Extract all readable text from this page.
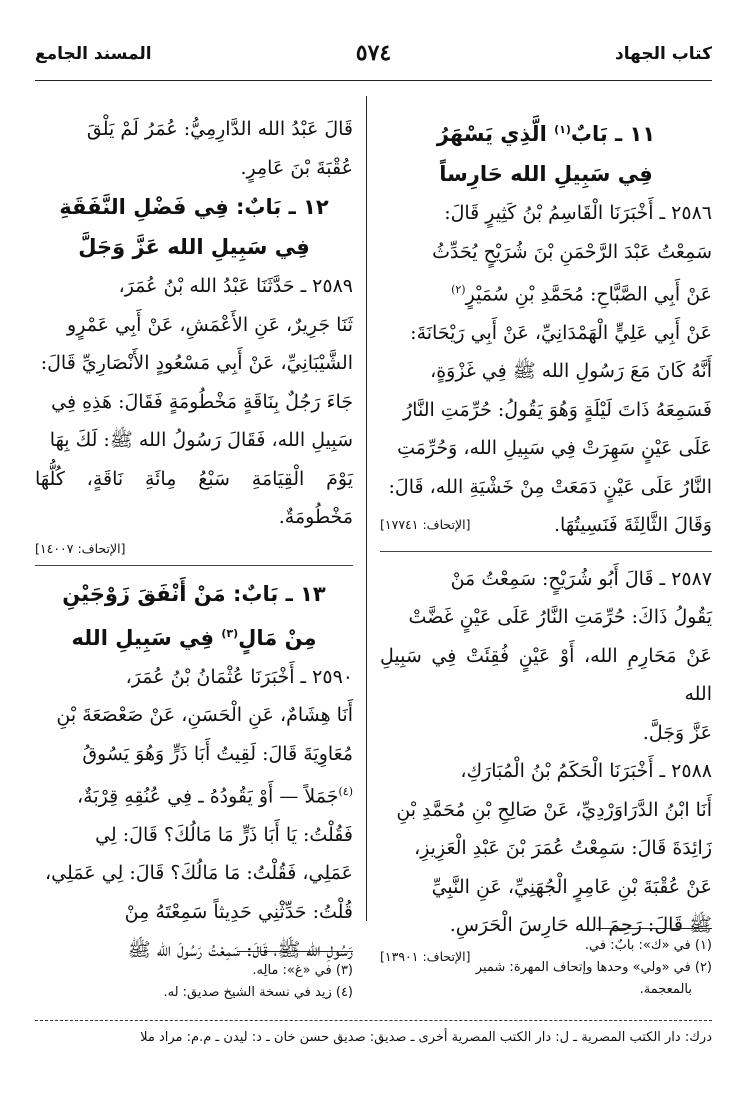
كتاب الجهاد
٥٧٤
المسند الجامع

١١ ـ بَابٌ$^{(١)}$ الَّذِي يَسْهَرُ

فِي سَبِيلِ الله حَارِساً

٢٥٨٦ ـ أَخْبَرَنَا الْقَاسِمُ بْنُ كَثِيرٍ قَالَ:

سَمِعْتُ عَبْدَ الرَّحْمَنِ بْنَ شُرَيْحٍ يُحَدِّثُ

عَنْ أَبِي الصَّبَّاحِ: مُحَمَّدِ بْنِ سُمَيْرٍ$^{(٢)}$

عَنْ أَبِي عَلِيٍّ الْهَمْدَانِيِّ، عَنْ أَبِي رَيْحَانَةَ:

أَنَّهُ كَانَ مَعَ رَسُولِ الله ﷺ فِي غَزْوَةٍ،

فَسَمِعَهُ ذَاتَ لَيْلَةٍ وَهُوَ يَقُولُ: حُرِّمَتِ النَّارُ

عَلَى عَيْنٍ سَهِرَتْ فِي سَبِيلِ الله، وَحُرِّمَتِ

النَّارُ عَلَى عَيْنٍ دَمَعَتْ مِنْ خَشْيَةِ الله، قَالَ:

وَقَالَ الثَّالِثَةَ فَنَسِيتُهَا.
[الإتحاف: ١٧٧٤١]

٢٥٨٧ ـ قَالَ أَبُو شُرَيْحٍ: سَمِعْتُ مَنْ

يَقُولُ ذَاكَ: حُرِّمَتِ النَّارُ عَلَى عَيْنٍ غَضَّتْ

عَنْ مَحَارِمِ الله، أَوْ عَيْنٍ فُقِئَتْ فِي سَبِيلِ الله

عَزَّ وَجَلَّ.

٢٥٨٨ ـ أَخْبَرَنَا الْحَكَمُ بْنُ الْمُبَارَكِ،

أَنَا ابْنُ الدَّرَاوَرْدِيِّ، عَنْ صَالِحِ بْنِ مُحَمَّدِ بْنِ

زَائِدَةَ قَالَ: سَمِعْتُ عُمَرَ بْنَ عَبْدِ الْعَزِيزِ،

عَنْ عُقْبَةَ بْنِ عَامِرٍ الْجُهَنِيِّ، عَنِ النَّبِيِّ

ﷺ قَالَ: رَحِمَ الله حَارِسَ الْحَرَسِ.

[الإتحاف: ١٣٩٠١]

قَالَ عَبْدُ الله الدَّارِمِيُّ: عُمَرُ لَمْ يَلْقَ

عُقْبَةَ بْنَ عَامِرٍ.

١٢ ـ بَابٌ: فِي فَضْلِ النَّفَقَةِ

فِي سَبِيلِ الله عَزَّ وَجَلَّ

٢٥٨٩ ـ حَدَّثَنَا عَبْدُ الله بْنُ عُمَرَ،

ثَنَا جَرِيرٌ، عَنِ الأَعْمَشِ، عَنْ أَبِي عَمْرٍو

الشَّيْبَانِيِّ، عَنْ أَبِي مَسْعُودٍ الأَنْصَارِيِّ قَالَ:

جَاءَ رَجُلٌ بِنَاقَةٍ مَخْطُومَةٍ فَقَالَ: هَذِهِ فِي

سَبِيلِ الله، فَقَالَ رَسُولُ الله ﷺ: لَكَ بِهَا

يَوْمَ الْقِيَامَةِ سَبْعُ مِائَةِ نَاقَةٍ، كُلُّهَا مَخْطُومَةٌ.

[الإتحاف: ١٤٠٠٧]

١٣ ـ بَابٌ: مَنْ أَنْفَقَ زَوْجَيْنِ

مِنْ مَالٍ$^{(٣)}$ فِي سَبِيلِ الله

٢٥٩٠ ـ أَخْبَرَنَا عُثْمَانُ بْنُ عُمَرَ،

أَنَا هِشَامٌ، عَنِ الْحَسَنِ، عَنْ صَعْصَعَةَ بْنِ

مُعَاوِيَةَ قَالَ: لَقِيتُ أَبَا ذَرٍّ وَهُوَ يَسُوقُ

$^{(٤)}$جَمَلاً — أَوْ يَقُودُهُ ـ فِي عُنُقِهِ قِرْبَةٌ،

فَقُلْتُ: يَا أَبَا ذَرٍّ مَا مَالُكَ؟ قَالَ: لِي

عَمَلِي، فَقُلْتُ: مَا مَالُكَ؟ قَالَ: لِي عَمَلِي،

قُلْتُ: حَدِّثْنِي حَدِيثاً سَمِعْتَهُ مِنْ

رَسُولِ الله ﷺ، قَالَ: سَمِعْتُ رَسُولَ الله ﷺ	(١) في «ك»: بابٌ: في.
(٢) في «ولي» وحدها وإتحاف المهرة: شمير
بالمعجمة.
(٣) في «غ»: مالِه.
(٤) زيد في نسخة الشيخ صديق: له.
درك: دار الكتب المصرية ـ ل: دار الكتب المصرية أخرى ـ صديق: صديق حسن خان ـ د: ليدن ـ م.م: مراد ملا
